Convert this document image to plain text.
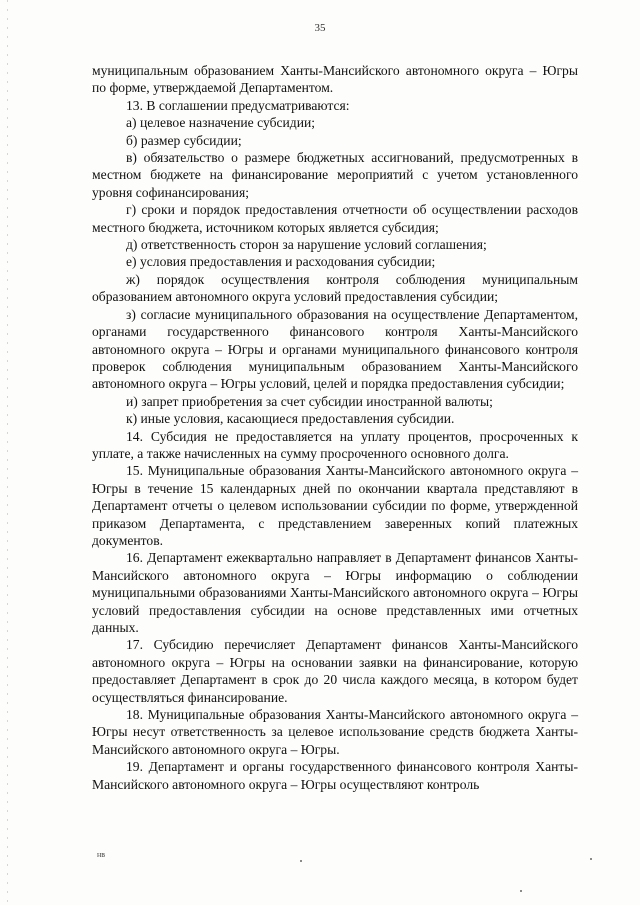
35

муниципальным образованием Ханты-Мансийского автономного округа – Югры по форме, утверждаемой Департаментом.

13. В соглашении предусматриваются:

а) целевое назначение субсидии;

б) размер субсидии;

в) обязательство о размере бюджетных ассигнований, предусмотренных в местном бюджете на финансирование мероприятий с учетом установленного уровня софинансирования;

г) сроки и порядок предоставления отчетности об осуществлении расходов местного бюджета, источником которых является субсидия;

д) ответственность сторон за нарушение условий соглашения;

е) условия предоставления и расходования субсидии;

ж) порядок осуществления контроля соблюдения муниципальным образованием автономного округа условий предоставления субсидии;

з) согласие муниципального образования на осуществление Департаментом, органами государственного финансового контроля Ханты-Мансийского автономного округа – Югры и органами муниципального финансового контроля проверок соблюдения муниципальным образованием Ханты-Мансийского автономного округа – Югры условий, целей и порядка предоставления субсидии;

и) запрет приобретения за счет субсидии иностранной валюты;

к) иные условия, касающиеся предоставления субсидии.

14. Субсидия не предоставляется на уплату процентов, просроченных к уплате, а также начисленных на сумму просроченного основного долга.

15. Муниципальные образования Ханты-Мансийского автономного округа – Югры в течение 15 календарных дней по окончании квартала представляют в Департамент отчеты о целевом использовании субсидии по форме, утвержденной приказом Департамента, с представлением заверенных копий платежных документов.

16. Департамент ежеквартально направляет в Департамент финансов Ханты-Мансийского автономного округа – Югры информацию о соблюдении муниципальными образованиями Ханты-Мансийского автономного округа – Югры условий предоставления субсидии на основе представленных ими отчетных данных.

17. Субсидию перечисляет Департамент финансов Ханты-Мансийского автономного округа – Югры на основании заявки на финансирование, которую предоставляет Департамент в срок до 20 числа каждого месяца, в котором будет осуществляться финансирование.

18. Муниципальные образования Ханты-Мансийского автономного округа – Югры несут ответственность за целевое использование средств бюджета Ханты-Мансийского автономного округа – Югры.

19. Департамент и органы государственного финансового контроля Ханты-Мансийского автономного округа – Югры осуществляют контроль

нв
